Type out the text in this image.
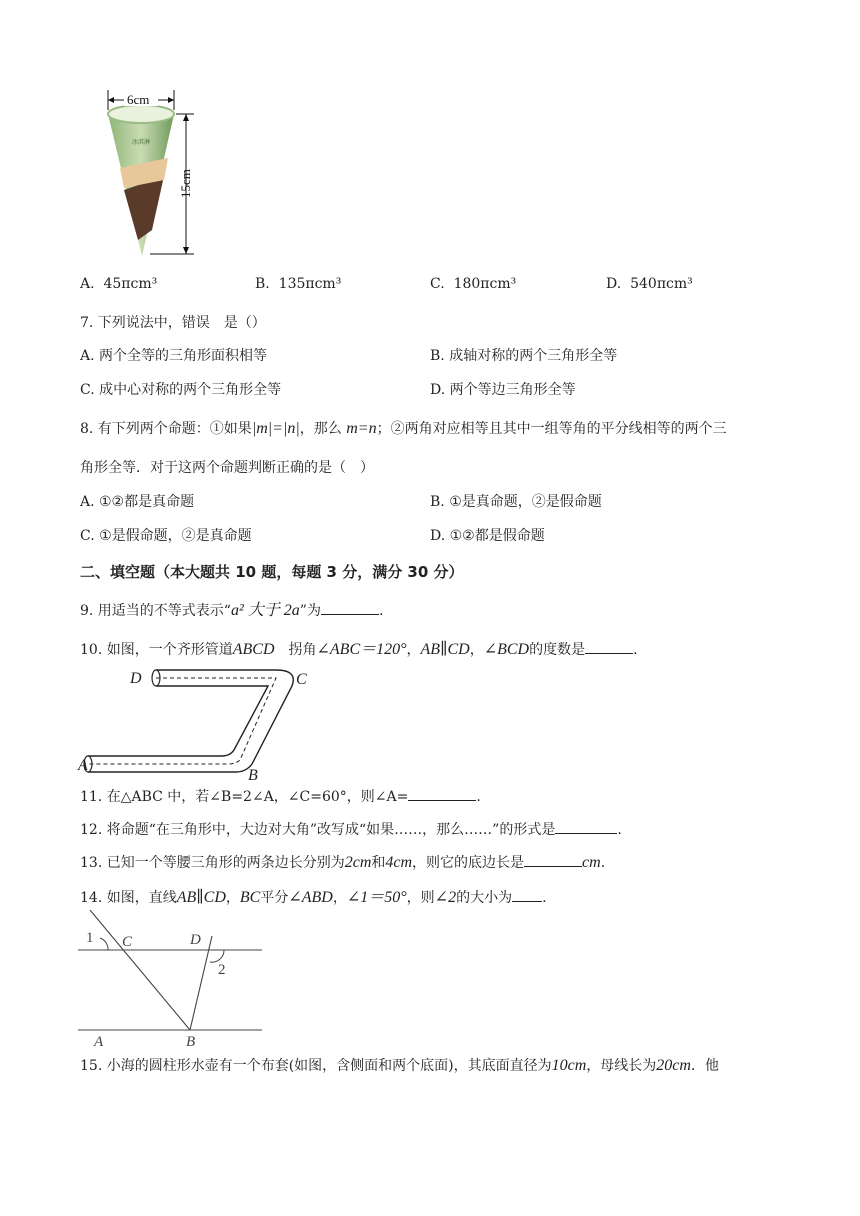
冰淇淋
6cm
15cm
A. 45πcm³	B. 135πcm³	C. 180πcm³	D. 540πcm³
7. 下列说法中，错误　是（）
A. 两个全等的三角形面积相等	B. 成轴对称的两个三角形全等
C. 成中心对称的两个三角形全等	D. 两个等边三角形全等
8. 有下列两个命题：①如果|m|=|n|，那么 m=n；②两角对应相等且其中一组等角的平分线相等的两个三
角形全等．对于这两个命题判断正确的是（　）
A. ①②都是真命题	B. ①是真命题，②是假命题
C. ①是假命题，②是真命题	D. ①②都是假命题
二、填空题（本大题共 10 题，每题 3 分，满分 30 分）
9. 用适当的不等式表示“a² 大于 2a”为	.
10. 如图，一个齐形管道ABCD　拐角∠ABC＝120°，AB∥CD，∠BCD的度数是	.
D	C
A
B
11. 在△ABC 中，若∠B=2∠A，∠C=60°，则∠A=	.
12. 将命题“在三角形中，大边对大角”改写成“如果……，那么……”的形式是	.
13. 已知一个等腰三角形的两条边长分别为2cm和4cm，则它的底边长是	cm.
14. 如图，直线AB∥CD，BC平分∠ABD，∠1＝50°，则∠2的大小为 .
1 C	D
2
A	B
15. 小海的圆柱形水壶有一个布套(如图，含侧面和两个底面)，其底面直径为10cm，母线长为20cm．他
